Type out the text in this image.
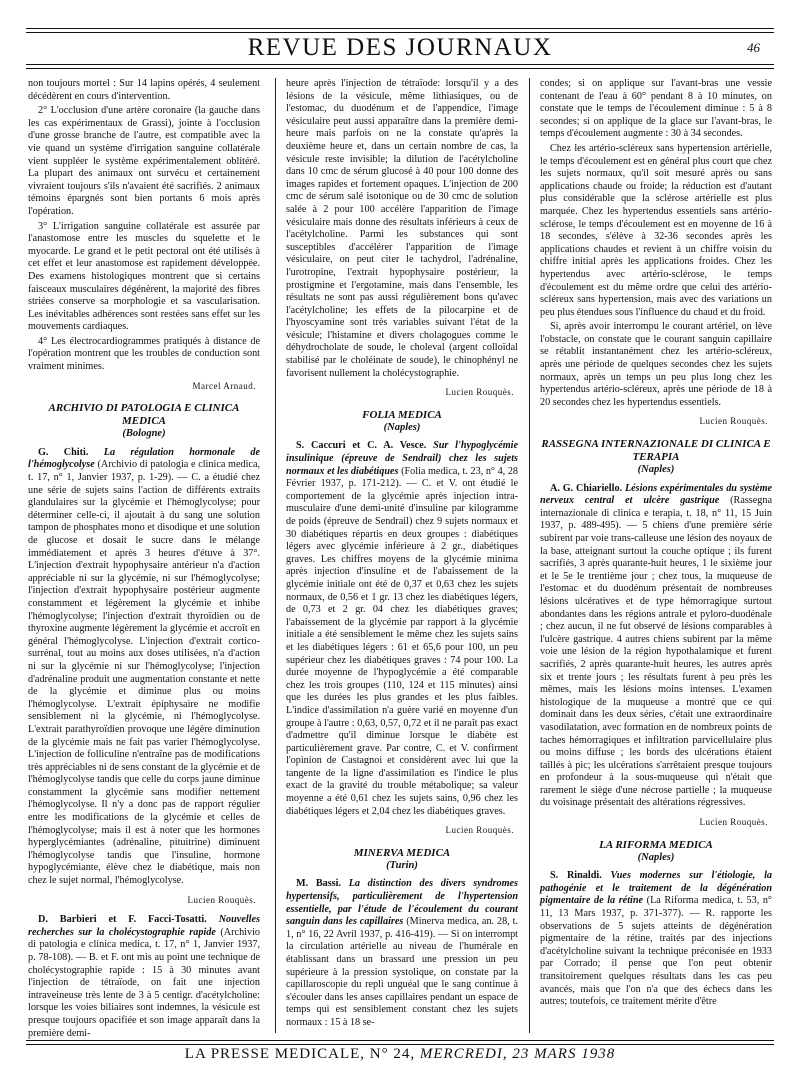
REVUE DES JOURNAUX	46

non toujours mortel : Sur 14 lapins opérés, 4 seulement décédèrent en cours d'intervention.

2° L'occlusion d'une artère coronaire (la gauche dans les cas expérimentaux de Grassi), jointe à l'occlusion d'une grosse branche de l'autre, est compatible avec la vie quand un système d'irrigation sanguine collatérale vient suppléer le système expérimentalement oblitéré. La plupart des animaux ont survécu et certainement vivraient toujours s'ils n'avaient été sacrifiés. 2 animaux témoins épargnés sont bien portants 6 mois après l'opération.

3° L'irrigation sanguine collatérale est assurée par l'anastomose entre les muscles du squelette et le myocarde. Le grand et le petit pectoral ont été utilisés à cet effet et leur anastomose est rapidement développée. Des examens histologiques montrent que si certains faisceaux musculaires dégénèrent, la majorité des fibres striées conserve sa morphologie et sa vascularisation. Les inévitables adhérences sont restées sans effet sur les mouvements cardiaques.

4° Les électrocardiogrammes pratiqués à distance de l'opération montrent que les troubles de conduction sont vraiment minimes.

Marcel Arnaud.
ARCHIVIO DI PATOLOGIA E CLINICA MEDICA
(Bologne)

G. Chiti. La régulation hormonale de l'hémoglycolyse (Archivio di patologia e clinica medica, t. 17, n° 1, Janvier 1937, p. 1-29). — C. a étudié chez une série de sujets sains l'action de différents extraits glandulaires sur la glycémie et l'hémoglycolyse; pour déterminer celle-ci, il ajoutait à du sang une solution tampon de phosphates mono et disodique et une solution de glucose et dosait le sucre dans le mélange immédiatement et après 3 heures d'étuve à 37°. L'injection d'extrait hypophysaire antérieur n'a d'action appréciable ni sur la glycémie, ni sur l'hémoglycolyse; l'injection d'extrait hypophysaire postérieur augmente constamment et légèrement la glycémie et inhibe l'hémoglycolyse; l'injection d'extrait thyroïdien ou de thyroxine augmente légèrement la glycémie et accroît en général l'hémoglycolyse. L'injection d'extrait cortico-surrénal, tout au moins aux doses utilisées, n'a d'action ni sur la glycémie ni sur l'hémoglycolyse; l'injection d'adrénaline produit une augmentation constante et nette de la glycémie et diminue plus ou moins l'hémoglycolyse. L'extrait épiphysaire ne modifie sensiblement ni la glycémie, ni l'hémoglycolyse. L'extrait parathyroïdien provoque une légère diminution de la glycémie mais ne fait pas varier l'hémoglycolyse. L'injection de folliculine n'entraîne pas de modifications très appréciables ni de sens constant de la glycémie et de l'hémoglycolyse tandis que celle du corps jaune diminue constamment la glycémie sans modifier nettement l'hémoglycolyse. Il n'y a donc pas de rapport régulier entre les modifications de la glycémie et celles de l'hémoglycolyse; mais il est à noter que les hormones hyperglycémiantes (adrénaline, pituitrine) diminuent l'hémoglycolyse tandis que l'insuline, hormone hypoglycémiante, élève chez le diabétique, mais non chez le sujet normal, l'hémoglycolyse.

Lucien Rouquès.

D. Barbieri et F. Facci-Tosatti. Nouvelles recherches sur la cholécystographie rapide (Archivio di patologia e clinica medica, t. 17, n° 1, Janvier 1937, p. 78-108). — B. et F. ont mis au point une technique de cholécystographie rapide : 15 à 30 minutes avant l'injection de tétraïode, on fait une injection intraveineuse très lente de 3 à 5 centigr. d'acétylcholine: lorsque les voies biliaires sont indemnes, la vésicule est presque toujours opacifiée et son image apparaît dans la première demi-

heure après l'injection de tétraïode: lorsqu'il y a des lésions de la vésicule, même lithiasiques, ou de l'estomac, du duodénum et de l'appendice, l'image vésiculaire peut aussi apparaître dans la première demi-heure mais parfois on ne la constate qu'après la deuxième heure et, dans un certain nombre de cas, la vésicule reste invisible; la dilution de l'acétylcholine dans 10 cmc de sérum glucosé à 40 pour 100 donne des images rapides et fortement opaques. L'injection de 200 cmc de sérum salé isotonique ou de 30 cmc de solution salée à 2 pour 100 accélère l'apparition de l'image vésiculaire mais donne des résultats inférieurs à ceux de l'acétylcholine. Parmi les substances qui sont susceptibles d'accélérer l'apparition de l'image vésiculaire, on peut citer le tachydrol, l'adrénaline, l'urotropine, l'extrait hypophysaire postérieur, la prostigmine et l'ergotamine, mais dans l'ensemble, les résultats ne sont pas aussi régulièrement bons qu'avec l'acétylcholine; les effets de la pilocarpine et de l'hyoscyamine sont très variables suivant l'état de la vésicule; l'histamine et divers cholagogues comme le déhydrocholate de soude, le choleval (argent colloïdal stabilisé par le choléinate de soude), le chinophényl ne favorisent nullement la cholécystographie.

Lucien Rouquès.
FOLIA MEDICA
(Naples)

S. Caccuri et C. A. Vesce. Sur l'hypoglycémie insulinique (épreuve de Sendrail) chez les sujets normaux et les diabétiques (Folia medica, t. 23, n° 4, 28 Février 1937, p. 171-212). — C. et V. ont étudié le comportement de la glycémie après injection intra-musculaire d'une demi-unité d'insuline par kilogramme de poids (épreuve de Sendrail) chez 9 sujets normaux et 30 diabétiques répartis en deux groupes : diabétiques légers avec glycémie inférieure à 2 gr., diabétiques graves. Les chiffres moyens de la glycémie minima après injection d'insuline et de l'abaissement de la glycémie initiale ont été de 0,37 et 0,63 chez les sujets normaux, de 0,56 et 1 gr. 13 chez les diabétiques légers, de 0,73 et 2 gr. 04 chez les diabétiques graves; l'abaissement de la glycémie par rapport à la glycémie initiale a été sensiblement le même chez les sujets sains et les diabétiques légers : 61 et 65,6 pour 100, un peu supérieur chez les diabétiques graves : 74 pour 100. La durée moyenne de l'hypoglycémie a été comparable chez les trois groupes (110, 124 et 115 minutes) ainsi que les durées les plus grandes et les plus faibles. L'indice d'assimilation n'a guère varié en moyenne d'un groupe à l'autre : 0,63, 0,57, 0,72 et il ne paraît pas exact d'admettre qu'il diminue lorsque le diabète est particulièrement grave. Par contre, C. et V. confirment l'opinion de Castagnoi et considèrent avec lui que la tangente de la ligne d'assimilation es l'indice le plus exact de la gravité du trouble métabolique; sa valeur moyenne a été 0,61 chez les sujets sains, 0,96 chez les diabétiques légers et 2,04 chez les diabétiques graves.

Lucien Rouquès.
MINERVA MEDICA
(Turin)

M. Bassi. La distinction des divers syndromes hypertensifs, particulièrement de l'hypertension essentielle, par l'étude de l'écoulement du courant sanguin dans les capillaires (Minerva medica, an. 28, t. 1, n° 16, 22 Avril 1937, p. 416-419). — Si on interrompt la circulation artérielle au niveau de l'humérale en établissant dans un brassard une pression un peu supérieure à la pression systolique, on constate par la capillaroscopie du repli unguéal que le sang continue à s'écouler dans les anses capillaires pendant un espace de temps qui est sensiblement constant chez les sujets normaux : 15 à 18 se-

condes; si on applique sur l'avant-bras une vessie contenant de l'eau à 60° pendant 8 à 10 minutes, on constate que le temps de l'écoulement diminue : 5 à 8 secondes; si on applique de la glace sur l'avant-bras, le temps d'écoulement augmente : 30 à 34 secondes.

Chez les artério-scléreux sans hypertension artérielle, le temps d'écoulement est en général plus court que chez les sujets normaux, qu'il soit mesuré après ou sans applications chaude ou froide; la réduction est d'autant plus considérable que la sclérose artérielle est plus marquée. Chez les hypertendus essentiels sans artério-sclérose, le temps d'écoulement est en moyenne de 16 à 18 secondes, s'élève à 32-36 secondes après les applications chaudes et revient à un chiffre voisin du chiffre initial après les applications froides. Chez les hypertendus avec artério-sclérose, le temps d'écoulement est du même ordre que celui des artério-scléreux sans hypertension, mais avec des variations un peu plus étendues sous l'influence du chaud et du froid.

Si, après avoir interrompu le courant artériel, on lève l'obstacle, on constate que le courant sanguin capillaire se rétablit instantanément chez les artério-scléreux, après une période de quelques secondes chez les sujets normaux, après un temps un peu plus long chez les hypertendus artério-scléreux, après une période de 18 à 20 secondes chez les hypertendus essentiels.

Lucien Rouquès.
RASSEGNA INTERNAZIONALE DI CLINICA E TERAPIA
(Naples)

A. G. Chiariello. Lésions expérimentales du système nerveux central et ulcère gastrique (Rassegna internazionale di clinica e terapia, t. 18, n° 11, 15 Juin 1937, p. 489-495). — 5 chiens d'une première série subirent par voie trans-calleuse une lésion des noyaux de la base, atteignant surtout la couche optique ; ils furent sacrifiés, 3 après quarante-huit heures, 1 le sixième jour et le 5e le trentième jour ; chez tous, la muqueuse de l'estomac et du duodénum présentait de nombreuses lésions ulcératives et de type hémorragique surtout abondantes dans les régions antrale et pyloro-duodénale ; chez aucun, il ne fut observé de lésions comparables à l'ulcère gastrique. 4 autres chiens subirent par la même voie une lésion de la région hypothalamique et furent sacrifiés, 2 après quarante-huit heures, les autres après six et trente jours ; les résultats furent à peu près les mêmes, mais les lésions moins intenses. L'examen histologique de la muqueuse a montré que ce qui dominait dans les deux séries, c'était une extraordinaire vasodilatation, avec formation en de nombreux points de taches hémorragiques et infiltration parvicellulaire plus ou moins diffuse ; les bords des ulcérations étaient taillés à pic; les ulcérations s'arrêtaient presque toujours en profondeur à la sous-muqueuse qui n'était que rarement le siège d'une nécrose partielle ; la muqueuse du voisinage présentait des altérations régressives.

Lucien Rouquès.
LA RIFORMA MEDICA
(Naples)

S. Rinaldi. Vues modernes sur l'étiologie, la pathogénie et le traitement de la dégénération pigmentaire de la rétine (La Riforma medica, t. 53, n° 11, 13 Mars 1937, p. 371-377). — R. rapporte les observations de 5 sujets atteints de dégénération pigmentaire de la rétine, traités par des injections d'acétylcholine suivant la technique préconisée en 1933 par Corrado; il pense que l'on peut obtenir transitoirement quelques résultats dans les cas peu avancés, mais que l'on n'a que des échecs dans les autres; toutefois, ce traitement mérite d'être

LA PRESSE MEDICALE, N° 24, MERCREDI, 23 MARS 1938
